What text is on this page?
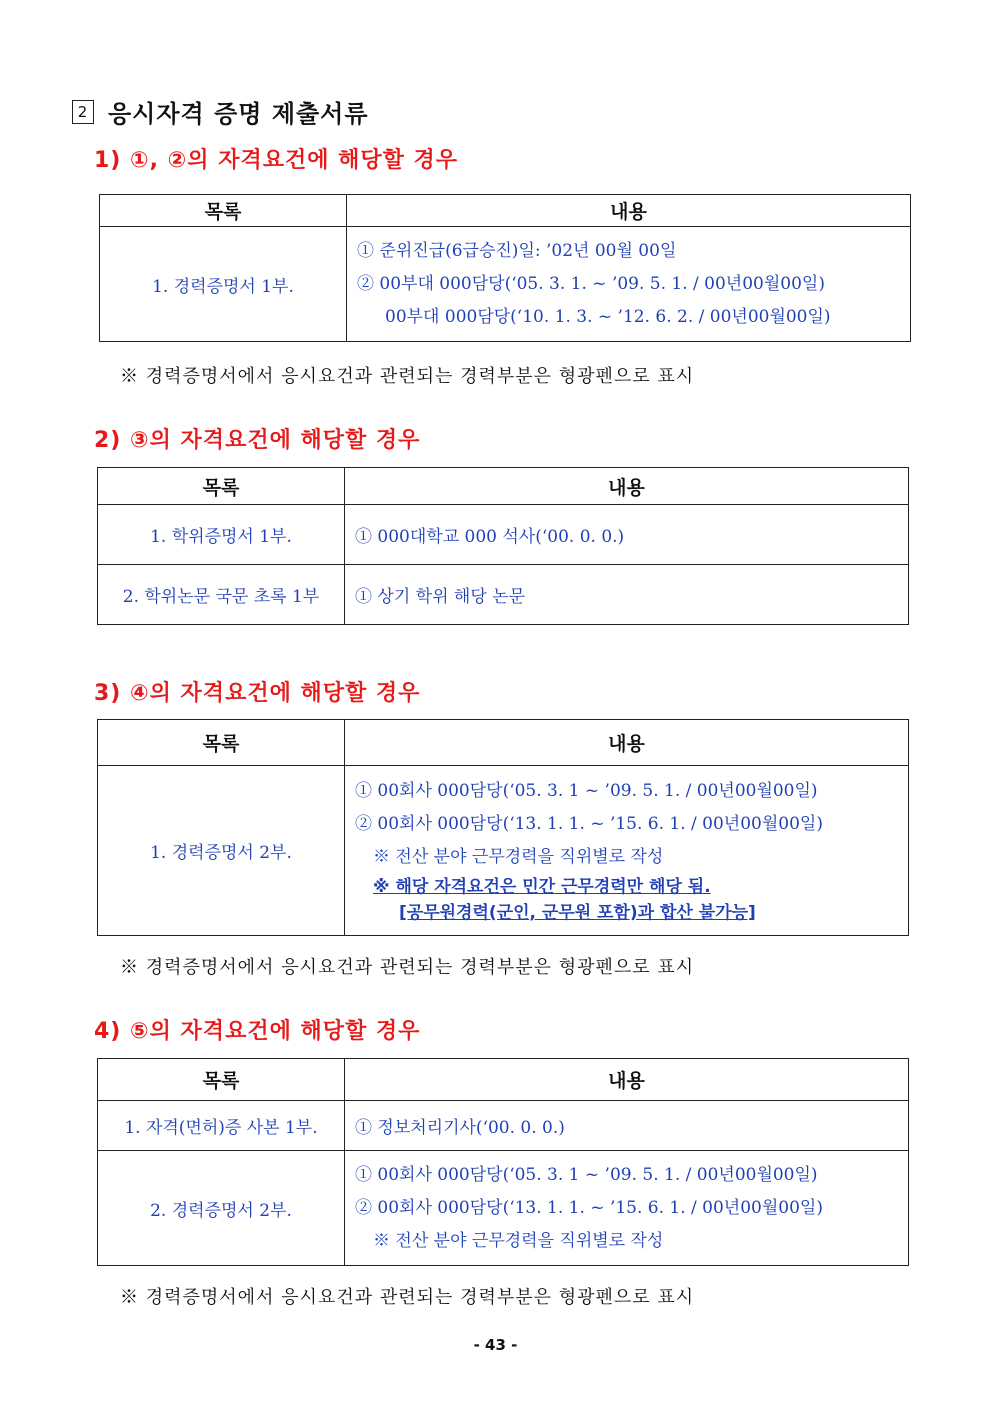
2 응시자격 증명 제출서류
1) ①, ②의 자격요건에 해당할 경우
목록	내용
1. 경력증명서 1부.	① 준위진급(6급승진)일: ’02년 00월 00일
② 00부대 000담당(‘05. 3. 1. ~ ’09. 5. 1. / 00년00월00일)
00부대 000담당(‘10. 1. 3. ~ ’12. 6. 2. / 00년00월00일)
※ 경력증명서에서 응시요건과 관련되는 경력부분은 형광펜으로 표시
2) ③의 자격요건에 해당할 경우
목록	내용
1. 학위증명서 1부.	① 000대학교 000 석사(‘00. 0. 0.)
2. 학위논문 국문 초록 1부	① 상기 학위 해당 논문
3) ④의 자격요건에 해당할 경우
목록	내용
1. 경력증명서 2부.	① 00회사 000담당(‘05. 3. 1 ~ ’09. 5. 1. / 00년00월00일)
② 00회사 000담당(‘13. 1. 1. ~ ’15. 6. 1. / 00년00월00일)
※ 전산 분야 근무경력을 직위별로 작성
※ 해당 자격요건은 민간 근무경력만 해당 됨.
[공무원경력(군인, 군무원 포함)과 합산 불가능]
※ 경력증명서에서 응시요건과 관련되는 경력부분은 형광펜으로 표시
4) ⑤의 자격요건에 해당할 경우
목록	내용
1. 자격(면허)증 사본 1부.	① 정보처리기사(‘00. 0. 0.)
2. 경력증명서 2부.	① 00회사 000담당(‘05. 3. 1 ~ ’09. 5. 1. / 00년00월00일)
② 00회사 000담당(‘13. 1. 1. ~ ’15. 6. 1. / 00년00월00일)
※ 전산 분야 근무경력을 직위별로 작성
※ 경력증명서에서 응시요건과 관련되는 경력부분은 형광펜으로 표시
- 43 -
